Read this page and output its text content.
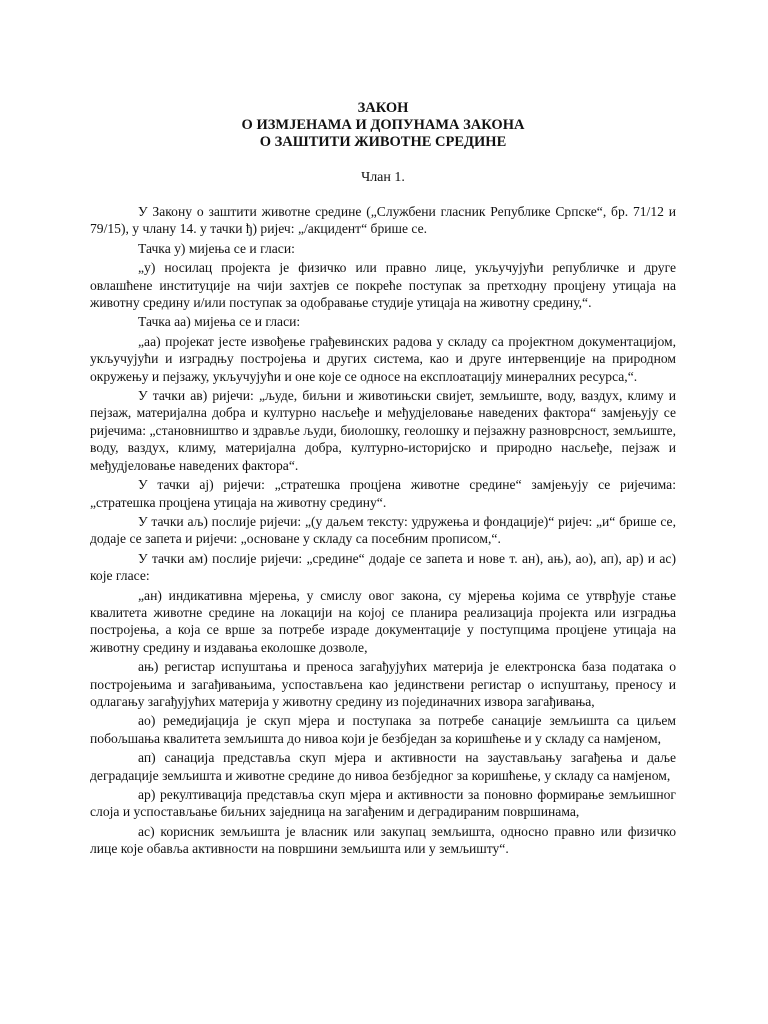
ЗАКОН

О ИЗМЈЕНАМА И ДОПУНАМА ЗАКОНА

О ЗАШТИТИ ЖИВОТНЕ СРЕДИНЕ

Члан 1.

У Закону о заштити животне средине („Службени гласник Републике Српске“, бр. 71/12 и 79/15), у члану 14. у тачки ђ) ријеч: „/акцидент“ брише се.

Тачка у) мијења се и гласи:

„у) носилац пројекта је физичко или правно лице, укључујући републичке и друге овлашћене институције на чији захтјев се покреће поступак за претходну процјену утицаја на животну средину и/или поступак за одобравање студије утицаја на животну средину,“.

Тачка аа) мијења се и гласи:

„аа) пројекат јесте извођење грађевинских радова у складу са пројектном документацијом, укључујући и изградњу постројења и других система, као и друге интервенције на природном окружењу и пејзажу, укључујући и оне које се односе на експлоатацију минералних ресурса,“.

У тачки ав) ријечи: „људе, биљни и животињски свијет, земљиште, воду, ваздух, климу и пејзаж, материјална добра и културно насљеђе и међудјеловање наведених фактора“ замјењују се ријечима: „становништво и здравље људи, биолошку, геолошку и пејзажну разноврсност, земљиште, воду, ваздух, климу, материјална добра, културно-историјско и природно насљеђе, пејзаж и међудјеловање наведених фактора“.

У тачки ај) ријечи: „стратешка процјена животне средине“ замјењују се ријечима: „стратешка процјена утицаја на животну средину“.

У тачки аљ) послије ријечи: „(у даљем тексту: удружења и фондације)“ ријеч: „и“ брише се, додаје се запета и ријечи: „основане у складу са посебним прописом,“.

У тачки ам) послије ријечи: „средине“ додаје се запета и нове т. ан), ањ), ао), ап), ар) и ас) које гласе:

„ан) индикативна мјерења, у смислу овог закона, су мјерења којима се утврђује стање квалитета животне средине на локацији на којој се планира реализација пројекта или изградња постројења, а која се врше за потребе израде документације у поступцима процјене утицаја на животну средину и издавања еколошке дозволе,

ањ) регистар испуштања и преноса загађујућих материја је електронска база података о постројењима и загађивањима, успостављена као јединствени регистар о испуштању, преносу и одлагању загађујућих материја у животну средину из појединачних извора загађивања,

ао) ремедијација је скуп мјера и поступака за потребе санације земљишта са циљем побољшања квалитета земљишта до нивоа који је безбједан за коришћење и у складу са намјеном,

ап) санација представља скуп мјера и активности на заустављању загађења и даље деградације земљишта и животне средине до нивоа безбједног за коришћење, у складу са намјеном,

ар) рекултивација представља скуп мјера и активности за поновно формирање земљишног слоја и успостављање биљних заједница на загађеним и деградираним површинама,

ас) корисник земљишта је власник или закупац земљишта, односно правно или физичко лице које обавља активности на површини земљишта или у земљишту“.
